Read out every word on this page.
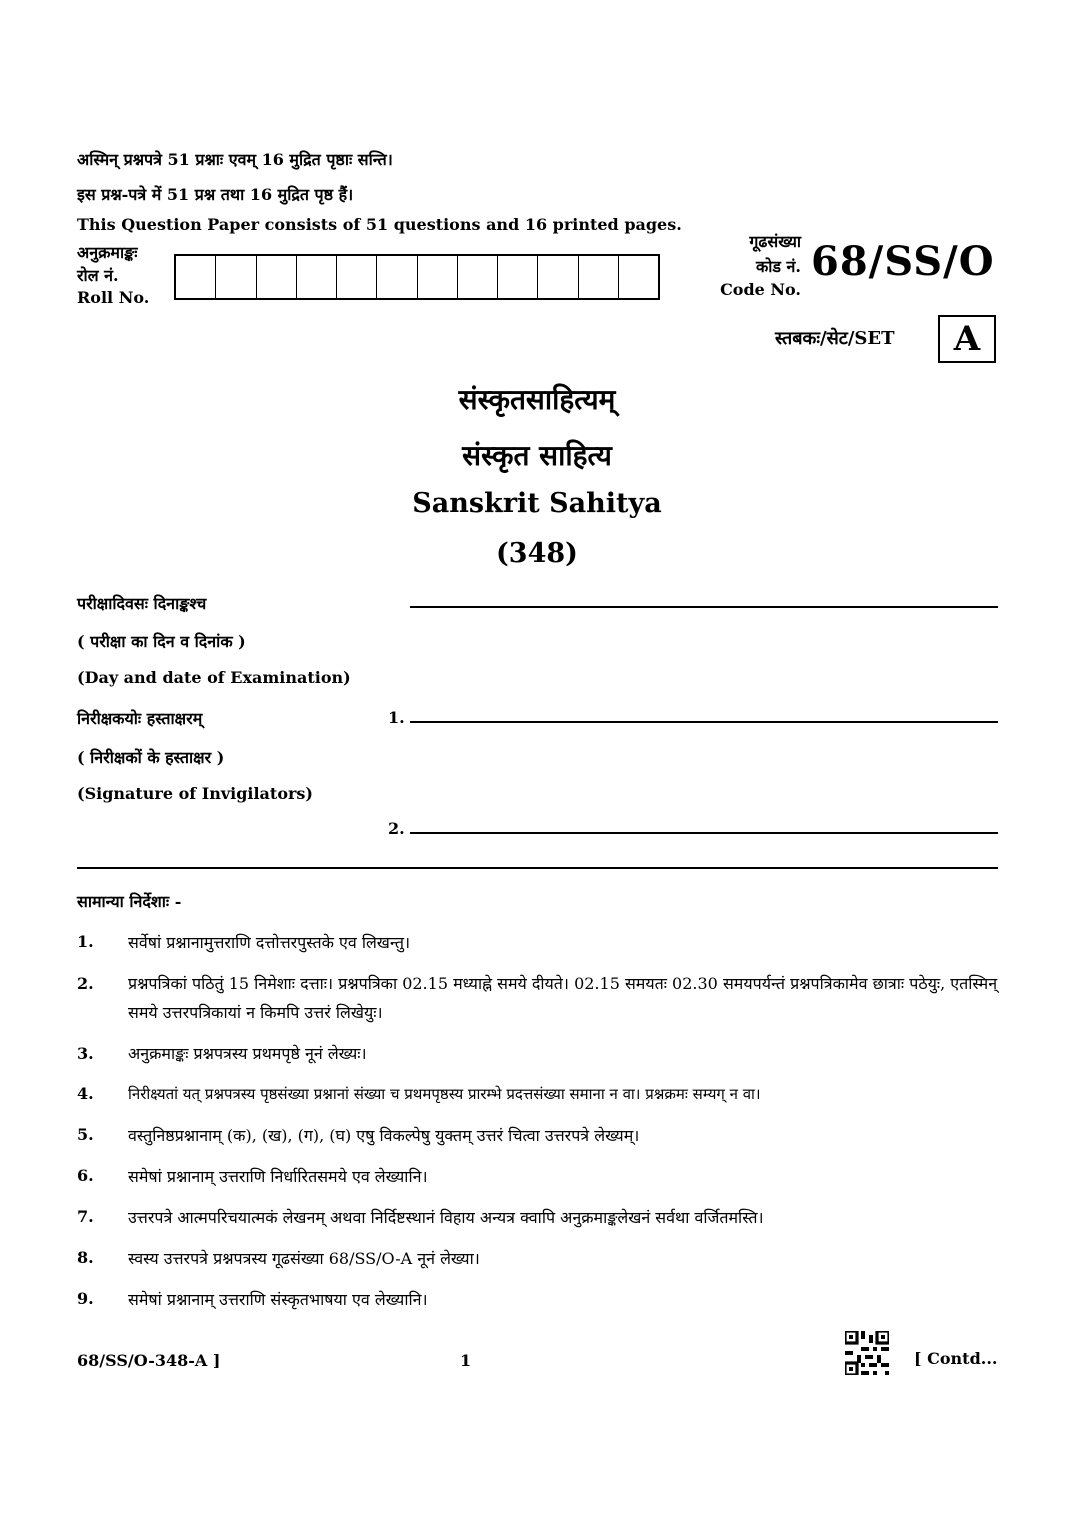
अस्मिन् प्रश्नपत्रे 51 प्रश्नाः एवम् 16 मुद्रित पृष्ठाः सन्ति।
इस प्रश्न-पत्रे में 51 प्रश्न तथा 16 मुद्रित पृष्ठ हैं।
This Question Paper consists of 51 questions and 16 printed pages.
अनुक्रमाङ्कः
रोल नं.
Roll No.
गूढसंख्या
कोड नं.
Code No.
68/SS/O
स्तबकः/सेट/SET	A
संस्कृतसाहित्यम्
संस्कृत साहित्य
Sanskrit Sahitya
(348)
परीक्षादिवसः दिनाङ्कश्च
( परीक्षा का दिन व दिनांक )
(Day and date of Examination)
निरीक्षकयोः हस्ताक्षरम्	1.
( निरीक्षकों के हस्ताक्षर )
(Signature of Invigilators)
2.
सामान्या निर्देशाः -
1. सर्वेषां प्रश्नानामुत्तराणि दत्तोत्तरपुस्तके एव लिखन्तु।
2. प्रश्नपत्रिकां पठितुं 15 निमेशाः दत्ताः। प्रश्नपत्रिका 02.15 मध्याह्ने समये दीयते। 02.15 समयतः 02.30 समयपर्यन्तं प्रश्नपत्रिकामेव छात्राः पठेयुः, एतस्मिन् समये उत्तरपत्रिकायां न किमपि उत्तरं लिखेयुः।
3. अनुक्रमाङ्कः प्रश्नपत्रस्य प्रथमपृष्ठे नूनं लेख्यः।
4. निरीक्ष्यतां यत् प्रश्नपत्रस्य पृष्ठसंख्या प्रश्नानां संख्या च प्रथमपृष्ठस्य प्रारम्भे प्रदत्तसंख्या समाना न वा। प्रश्नक्रमः सम्यग् न वा।
5. वस्तुनिष्ठप्रश्नानाम् (क), (ख), (ग), (घ) एषु विकल्पेषु युक्तम् उत्तरं चित्वा उत्तरपत्रे लेख्यम्।
6. समेषां प्रश्नानाम् उत्तराणि निर्धारितसमये एव लेख्यानि।
7. उत्तरपत्रे आत्मपरिचयात्मकं लेखनम् अथवा निर्दिष्टस्थानं विहाय अन्यत्र क्वापि अनुक्रमाङ्कलेखनं सर्वथा वर्जितमस्ति।
8. स्वस्य उत्तरपत्रे प्रश्नपत्रस्य गूढसंख्या 68/SS/O-A नूनं लेख्या।
9. समेषां प्रश्नानाम् उत्तराणि संस्कृतभाषया एव लेख्यानि।
68/SS/O-348-A ]	1	[ Contd...
